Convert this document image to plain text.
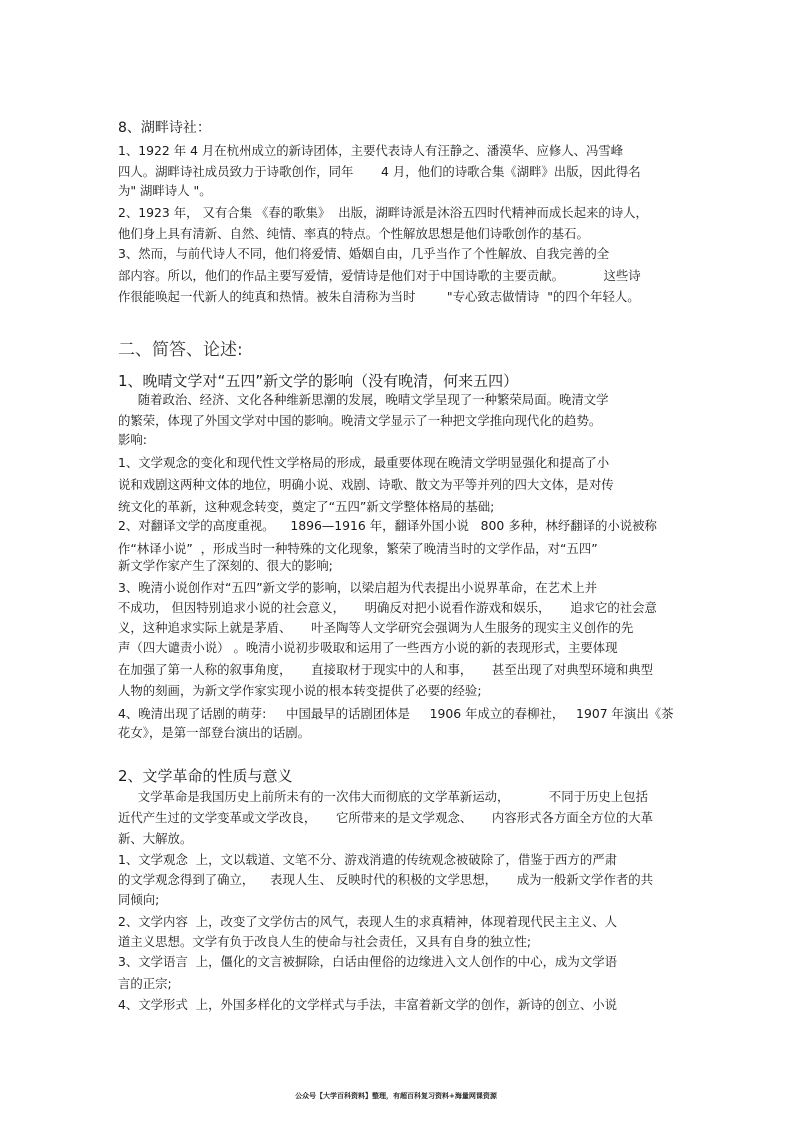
8、湖畔诗社：
1、1922 年 4 月在杭州成立的新诗团体，主要代表诗人有汪静之、潘漠华、应修人、冯雪峰
四人。湖畔诗社成员致力于诗歌创作，同年       4 月，他们的诗歌合集《湖畔》出版，因此得名
为" 湖畔诗人 "。
2、1923 年， 又有合集 《春的歌集》  出版，湖畔诗派是沐浴五四时代精神而成长起来的诗人，
他们身上具有清新、自然、纯情、率真的特点。个性解放思想是他们诗歌创作的基石。
3、然而，与前代诗人不同，他们将爱情、婚姻自由，几乎当作了个性解放、自我完善的全
部内容。所以，他们的作品主要写爱情，爱情诗是他们对于中国诗歌的主要贡献。          这些诗
作很能唤起一代新人的纯真和热情。被朱自清称为当时        "专心致志做情诗  "的四个年轻人。
二、简答、论述:
1、晚晴文学对“五四”新文学的影响（没有晚清，何来五四）
随着政治、经济、文化各种维新思潮的发展，晚晴文学呈现了一种繁荣局面。晚清文学
的繁荣，体现了外国文学对中国的影响。晚清文学显示了一种把文学推向现代化的趋势。
影响:
1、文学观念的变化和现代性文学格局的形成，最重要体现在晚清文学明显强化和提高了小
说和戏剧这两种文体的地位，明确小说、戏剧、诗歌、散文为平等并列的四大文体，是对传
统文化的革新，这种观念转变，奠定了“五四”新文学整体格局的基础;
2、对翻译文学的高度重视。    1896—1916 年，翻译外国小说   800 多种，林纾翻译的小说被称
作“林译小说”  ，形成当时一种特殊的文化现象，繁荣了晚清当时的文学作品，对“五四”
新文学作家产生了深刻的、很大的影响;
3、晚清小说创作对“五四”新文学的影响，以梁启超为代表提出小说界革命，在艺术上并
不成功， 但因特别追求小说的社会意义，     明确反对把小说看作游戏和娱乐，     追求它的社会意
义，这种追求实际上就是茅盾、     叶圣陶等人文学研究会强调为人生服务的现实主义创作的先
声（四大谴责小说） 。晚清小说初步吸取和运用了一些西方小说的新的表现形式，主要体现
在加强了第一人称的叙事角度，     直接取材于现实中的人和事，     甚至出现了对典型环境和典型
人物的刻画，为新文学作家实现小说的根本转变提供了必要的经验;
4、晚清出现了话剧的萌芽:     中国最早的话剧团体是     1906 年成立的春柳社，   1907 年演出《茶
花女》，是第一部登台演出的话剧。
2、文学革命的性质与意义
文学革命是我国历史上前所未有的一次伟大而彻底的文学革新运动，          不同于历史上包括
近代产生过的文学变革或文学改良，     它所带来的是文学观念、     内容形式各方面全方位的大革
新、大解放。
1、文学观念  上，文以载道、文笔不分、游戏消遣的传统观念被破除了，借鉴于西方的严肃
的文学观念得到了确立，    表现人生、 反映时代的积极的文学思想，     成为一般新文学作者的共
同倾向;
2、文学内容  上，改变了文学仿古的风气，表现人生的求真精神，体现着现代民主主义、人
道主义思想。文学有负于改良人生的使命与社会责任，又具有自身的独立性;
3、文学语言  上，僵化的文言被摒除，白话由俚俗的边缘进入文人创作的中心，成为文学语
言的正宗;
4、文学形式  上，外国多样化的文学样式与手法，丰富着新文学的创作，新诗的创立、小说
公众号【大学百科资料】整理，有超百科复习资料+海量网课资源
